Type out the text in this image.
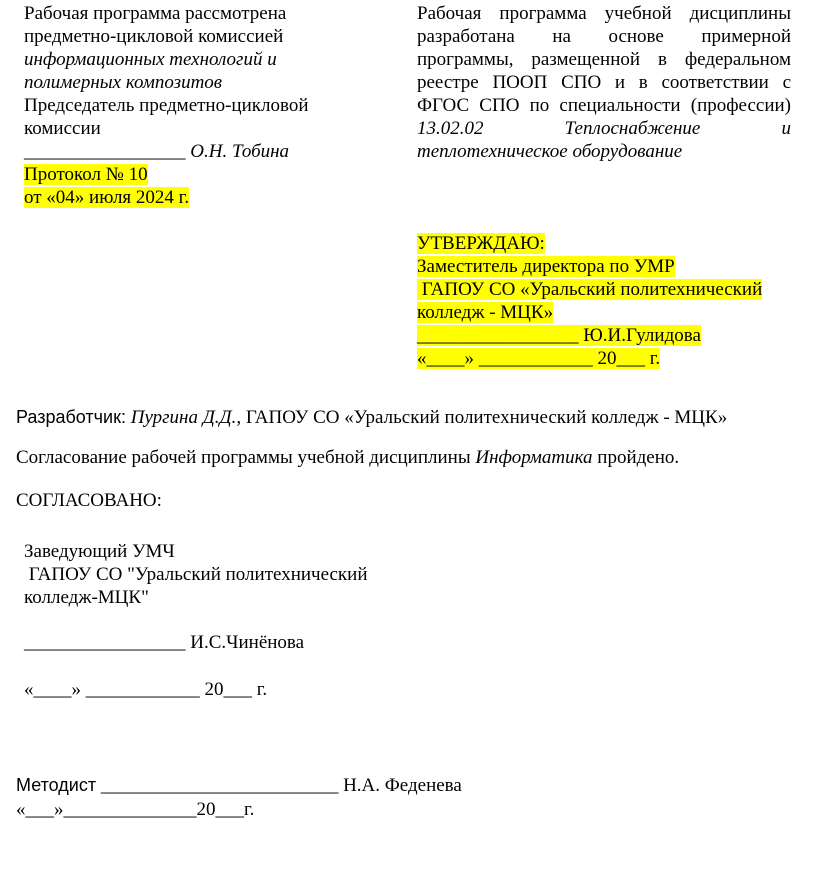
Рабочая программа рассмотрена
предметно-цикловой комиссией
информационных технологий и
полимерных композитов
Председатель предметно-цикловой
комиссии
_________________ О.Н. Тобина
Протокол № 10
от «04» июля 2024 г.
Рабочая программа учебной дисциплины
разработана на основе примерной
программы, размещенной в федеральном
реестре ПООП СПО и в соответствии с
ФГОС СПО по специальности (профессии)
13.02.02 Теплоснабжение и
теплотехническое оборудование
УТВЕРЖДАЮ:
Заместитель директора по УМР
ГАПОУ СО «Уральский политехнический
колледж - МЦК»
_________________ Ю.И.Гулидова
«____» ____________ 20___ г.
Разработчик: Пургина Д.Д., ГАПОУ СО «Уральский политехнический колледж - МЦК»
Согласование рабочей программы учебной дисциплины Информатика пройдено.
СОГЛАСОВАНО:
Заведующий УМЧ
ГАПОУ СО "Уральский политехнический
колледж-МЦК"
_________________ И.С.Чинёнова
«____» ____________ 20___ г.
Методист _________________________ Н.А. Феденева
«___»______________20___г.
